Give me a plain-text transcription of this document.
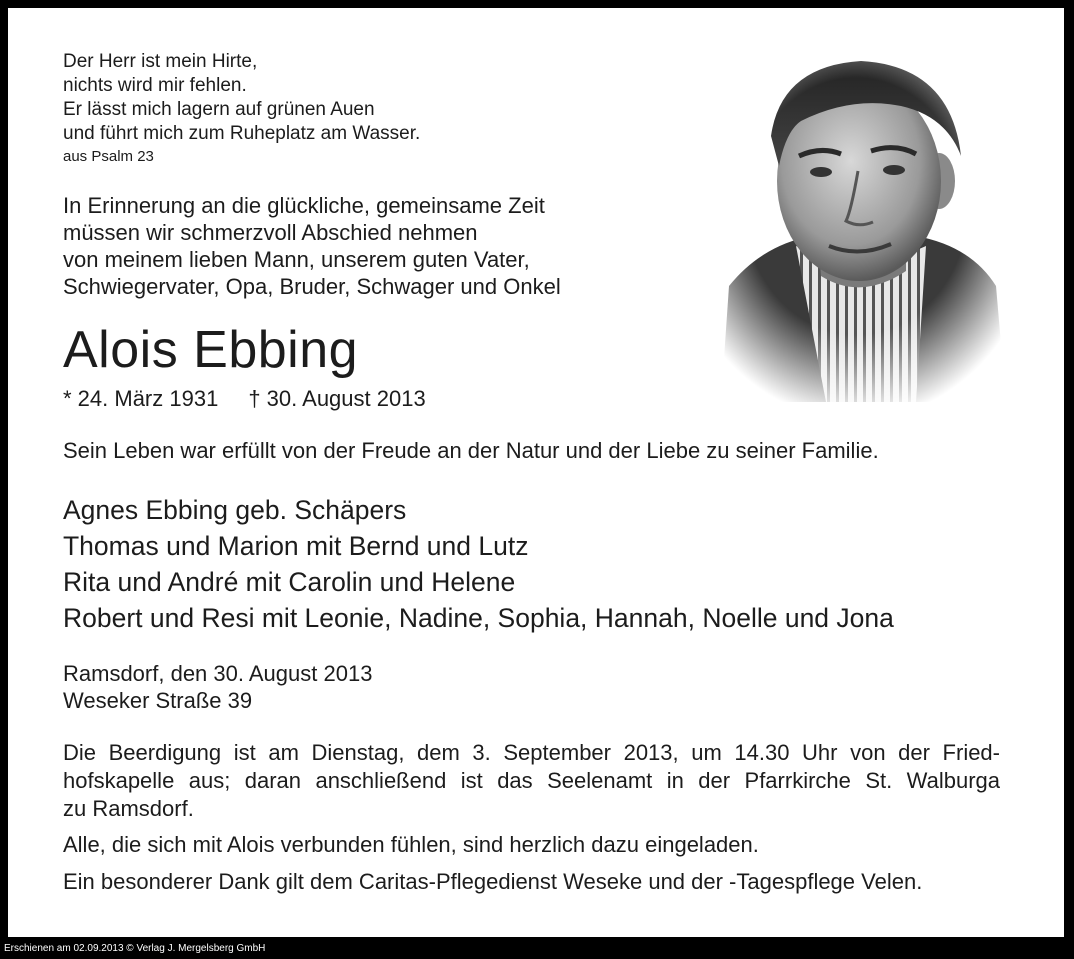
Der Herr ist mein Hirte,
nichts wird mir fehlen.
Er lässt mich lagern auf grünen Auen
und führt mich zum Ruheplatz am Wasser.
aus Psalm 23
In Erinnerung an die glückliche, gemeinsame Zeit
müssen wir schmerzvoll Abschied nehmen
von meinem lieben Mann, unserem guten Vater,
Schwiegervater, Opa, Bruder, Schwager und Onkel
Alois Ebbing
* 24. März 1931 † 30. August 2013
Sein Leben war erfüllt von der Freude an der Natur und der Liebe zu seiner Familie.
Agnes Ebbing geb. Schäpers
Thomas und Marion mit Bernd und Lutz
Rita und André mit Carolin und Helene
Robert und Resi mit Leonie, Nadine, Sophia, Hannah, Noelle und Jona
Ramsdorf, den 30. August 2013
Weseker Straße 39
Die Beerdigung ist am Dienstag, dem 3. September 2013, um 14.30 Uhr von der Fried-
hofskapelle aus; daran anschließend ist das Seelenamt in der Pfarrkirche St. Walburga
zu Ramsdorf.
Alle, die sich mit Alois verbunden fühlen, sind herzlich dazu eingeladen.
Ein besonderer Dank gilt dem Caritas-Pflegedienst Weseke und der -Tagespflege Velen.
Erschienen am 02.09.2013 © Verlag J. Mergelsberg GmbH
